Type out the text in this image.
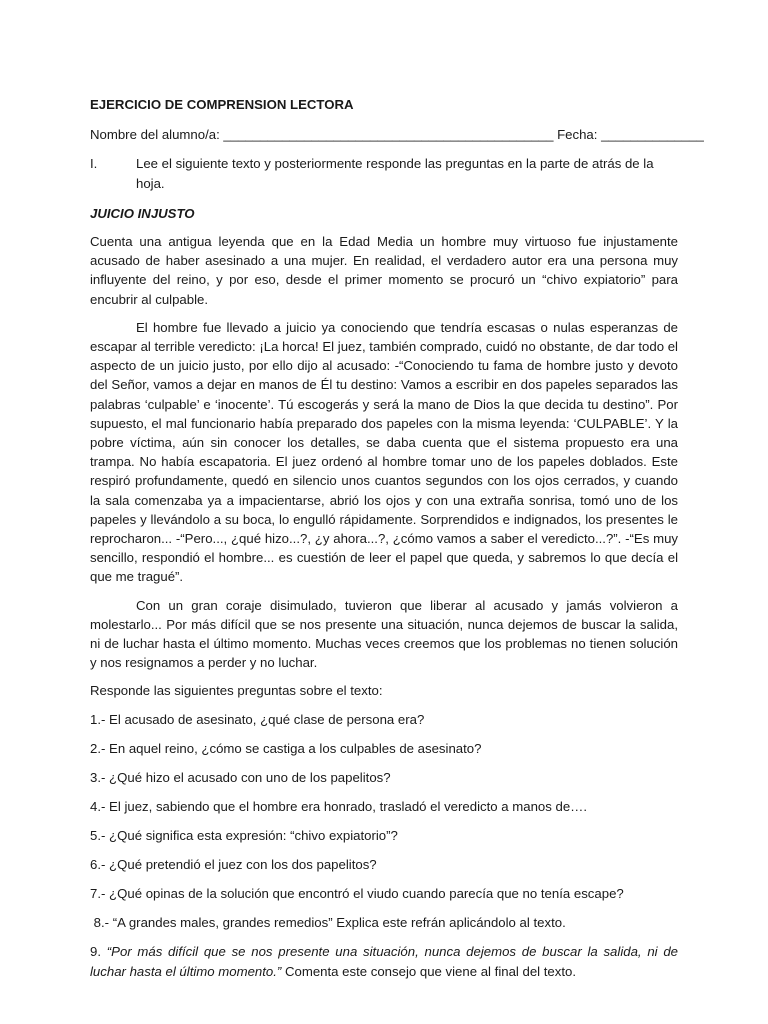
EJERCICIO DE COMPRENSION LECTORA
Nombre del alumno/a: _____________________________________________ Fecha: ______________
I.	Lee el siguiente texto y posteriormente responde las preguntas en la parte de atrás de la hoja.
JUICIO INJUSTO

Cuenta una antigua leyenda que en la Edad Media un hombre muy virtuoso fue injustamente acusado de haber asesinado a una mujer. En realidad, el verdadero autor era una persona muy influyente del reino, y por eso, desde el primer momento se procuró un “chivo expiatorio” para encubrir al culpable.

El hombre fue llevado a juicio ya conociendo que tendría escasas o nulas esperanzas de escapar al terrible veredicto: ¡La horca! El juez, también comprado, cuidó no obstante, de dar todo el aspecto de un juicio justo, por ello dijo al acusado: -“Conociendo tu fama de hombre justo y devoto del Señor, vamos a dejar en manos de Él tu destino: Vamos a escribir en dos papeles separados las palabras ‘culpable’ e ‘inocente’. Tú escogerás y será la mano de Dios la que decida tu destino”. Por supuesto, el mal funcionario había preparado dos papeles con la misma leyenda: ‘CULPABLE’. Y la pobre víctima, aún sin conocer los detalles, se daba cuenta que el sistema propuesto era una trampa. No había escapatoria. El juez ordenó al hombre tomar uno de los papeles doblados. Este respiró profundamente, quedó en silencio unos cuantos segundos con los ojos cerrados, y cuando la sala comenzaba ya a impacientarse, abrió los ojos y con una extraña sonrisa, tomó uno de los papeles y llevándolo a su boca, lo engulló rápidamente. Sorprendidos e indignados, los presentes le reprocharon... -“Pero..., ¿qué hizo...?, ¿y ahora...?, ¿cómo vamos a saber el veredicto...?”. -“Es muy sencillo, respondió el hombre... es cuestión de leer el papel que queda, y sabremos lo que decía el que me tragué”.

Con un gran coraje disimulado, tuvieron que liberar al acusado y jamás volvieron a molestarlo... Por más difícil que se nos presente una situación, nunca dejemos de buscar la salida, ni de luchar hasta el último momento. Muchas veces creemos que los problemas no tienen solución y nos resignamos a perder y no luchar.

Responde las siguientes preguntas sobre el texto:
1.- El acusado de asesinato, ¿qué clase de persona era?
2.- En aquel reino, ¿cómo se castiga a los culpables de asesinato?
3.- ¿Qué hizo el acusado con uno de los papelitos?
4.- El juez, sabiendo que el hombre era honrado, trasladó el veredicto a manos de….
5.- ¿Qué significa esta expresión: “chivo expiatorio”?
6.- ¿Qué pretendió el juez con los dos papelitos?
7.- ¿Qué opinas de la solución que encontró el viudo cuando parecía que no tenía escape?
8.- “A grandes males, grandes remedios” Explica este refrán aplicándolo al texto.
9. “Por más difícil que se nos presente una situación, nunca dejemos de buscar la salida, ni de luchar hasta el último momento.” Comenta este consejo que viene al final del texto.
